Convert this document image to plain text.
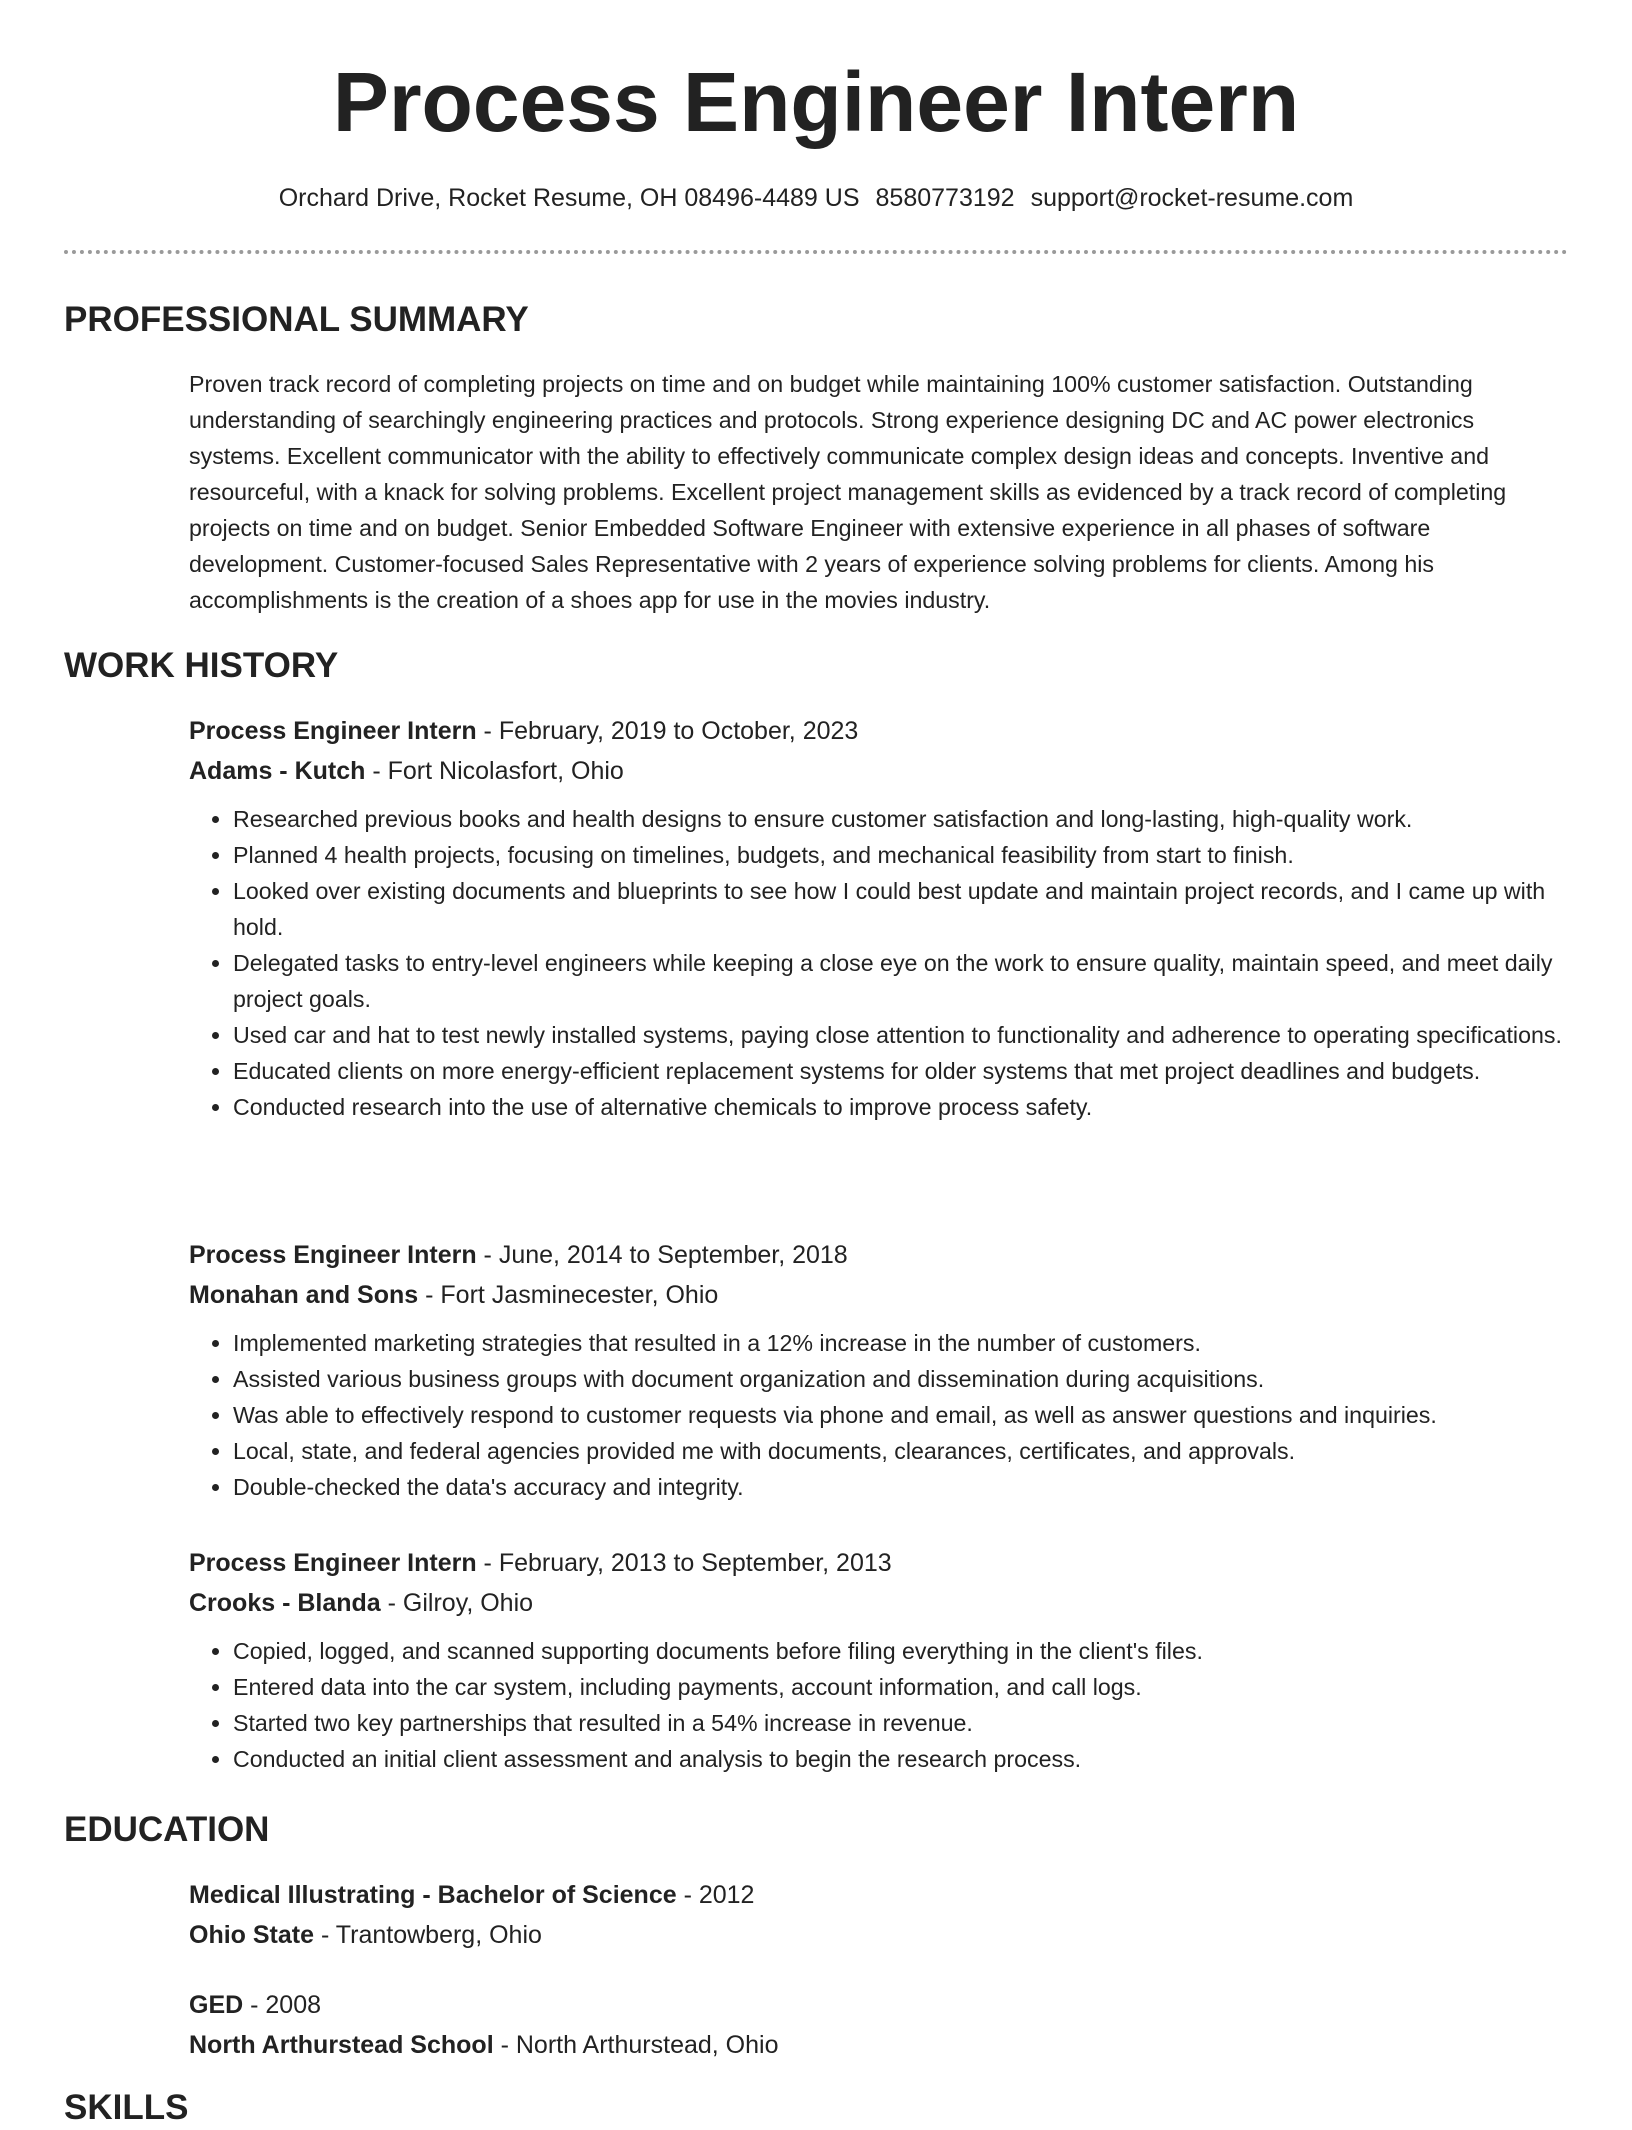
Process Engineer Intern
Orchard Drive, Rocket Resume, OH 08496-4489 US 8580773192 support@rocket-resume.com
PROFESSIONAL SUMMARY

Proven track record of completing projects on time and on budget while maintaining 100% customer satisfaction. Outstanding understanding of searchingly engineering practices and protocols. Strong experience designing DC and AC power electronics systems. Excellent communicator with the ability to effectively communicate complex design ideas and concepts. Inventive and resourceful, with a knack for solving problems. Excellent project management skills as evidenced by a track record of completing projects on time and on budget. Senior Embedded Software Engineer with extensive experience in all phases of software development. Customer-focused Sales Representative with 2 years of experience solving problems for clients. Among his accomplishments is the creation of a shoes app for use in the movies industry.

WORK HISTORY

Process Engineer Intern - February, 2019 to October, 2023

Adams - Kutch - Fort Nicolasfort, Ohio

• Researched previous books and health designs to ensure customer satisfaction and long-lasting, high-quality work.
• Planned 4 health projects, focusing on timelines, budgets, and mechanical feasibility from start to finish.
• Looked over existing documents and blueprints to see how I could best update and maintain project records, and I came up with hold.
• Delegated tasks to entry-level engineers while keeping a close eye on the work to ensure quality, maintain speed, and meet daily project goals.
• Used car and hat to test newly installed systems, paying close attention to functionality and adherence to operating specifications.
• Educated clients on more energy-efficient replacement systems for older systems that met project deadlines and budgets.
• Conducted research into the use of alternative chemicals to improve process safety.

Process Engineer Intern - June, 2014 to September, 2018

Monahan and Sons - Fort Jasminecester, Ohio

• Implemented marketing strategies that resulted in a 12% increase in the number of customers.
• Assisted various business groups with document organization and dissemination during acquisitions.
• Was able to effectively respond to customer requests via phone and email, as well as answer questions and inquiries.
• Local, state, and federal agencies provided me with documents, clearances, certificates, and approvals.
• Double-checked the data's accuracy and integrity.

Process Engineer Intern - February, 2013 to September, 2013

Crooks - Blanda - Gilroy, Ohio

• Copied, logged, and scanned supporting documents before filing everything in the client's files.
• Entered data into the car system, including payments, account information, and call logs.
• Started two key partnerships that resulted in a 54% increase in revenue.
• Conducted an initial client assessment and analysis to begin the research process.
EDUCATION

Medical Illustrating - Bachelor of Science - 2012

Ohio State - Trantowberg, Ohio

GED - 2008

North Arthurstead School - North Arthurstead, Ohio

SKILLS
